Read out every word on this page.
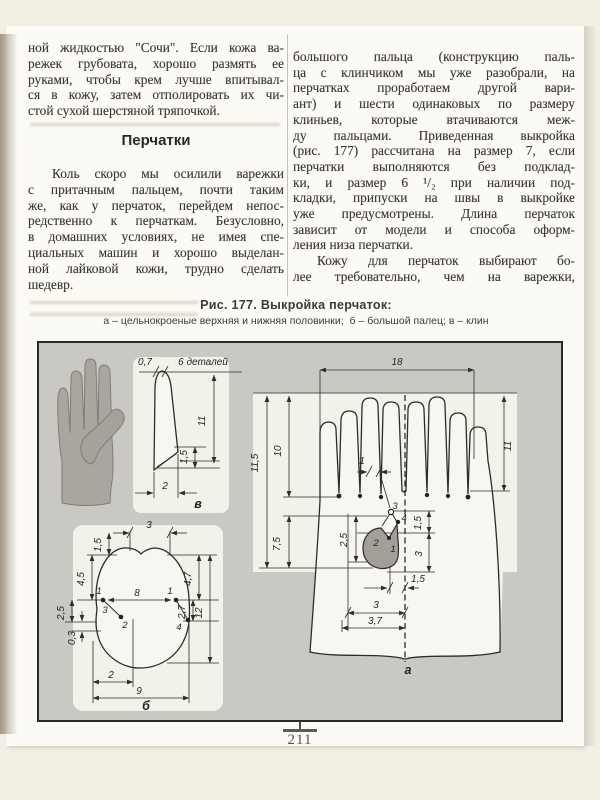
ной жидкостью "Сочи". Если кожа ва-
режек грубовата, хорошо размять ее
руками, чтобы крем лучше впитывал-
ся в кожу, затем отполировать их чи-
стой сухой шерстяной тряпочкой.
Перчатки
Коль скоро мы осилили варежки
с притачным пальцем, почти таким
же, как у перчаток, перейдем непос-
редственно к перчаткам. Безусловно,
в домашних условиях, не имея спе-
циальных машин и хорошо выделан-
ной лайковой кожи, трудно сделать
шедевр.
большого пальца (конструкцию паль-
ца с клинчиком мы уже разобрали, на
перчатках проработаем другой вари-
ант) и шести одинаковых по размеру
клиньев, которые втачиваются меж-
ду пальцами. Приведенная выкройка
(рис. 177) рассчитана на размер 7, если
перчатки выполняются без подклад-
ки, и размер 6 ¹/₂ при наличии под-
кладки, припуски на швы в выкройке
уже предусмотрены. Длина перчаток
зависит от модели и способа оформ-
ления низа перчатки.
Кожу для перчаток выбирают бо-
лее требовательно, чем на варежки,
Рис. 177. Выкройка перчаток:
а – цельнокроеные верхняя и нижняя половинки;  б – большой палец; в – клин
0,7	6 деталей
11
1,5
2
в
3
1,5
4,5
2,5
0,3
8
4,7
2,7 12
2
9
1	1
2
3
4
б
18
11,5
10
7,5
11
1
2,5
1,5
3
1,5
3
3,7
3
4
2
1
а
211
